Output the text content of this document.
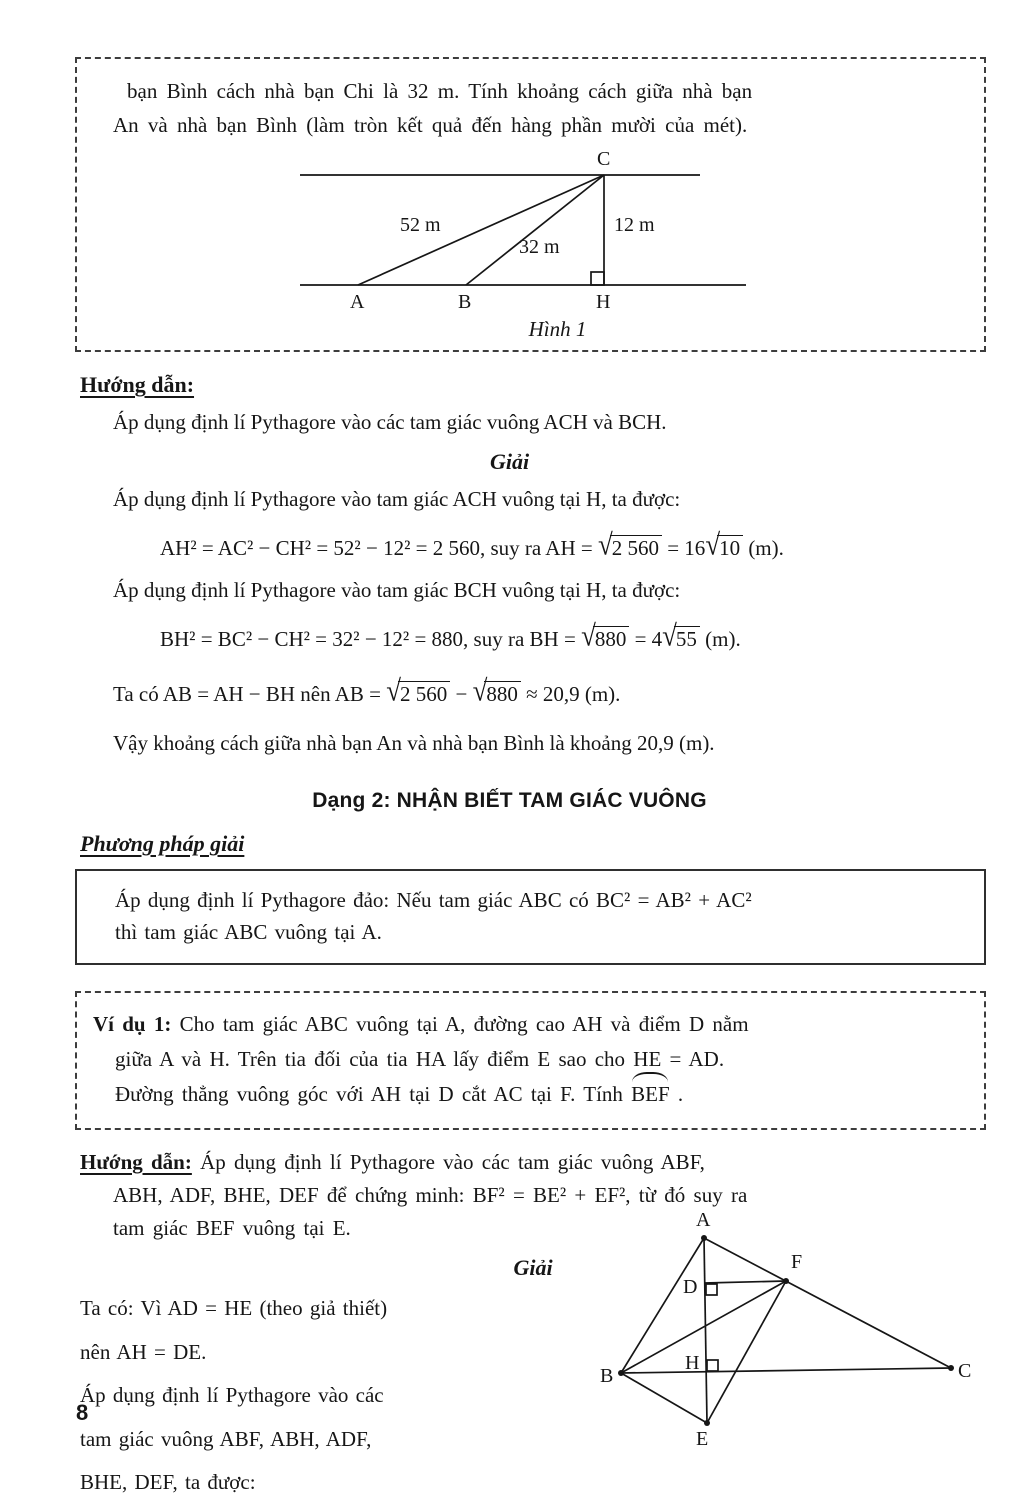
bạn Bình cách nhà bạn Chi là 32 m. Tính khoảng cách giữa nhà bạn

An và nhà bạn Bình (làm tròn kết quả đến hàng phần mười của mét).

C
52 m
32 m
12 m
A	B	H
Hình 1
Hướng dẫn:
Áp dụng định lí Pythagore vào các tam giác vuông ACH và BCH.
Giải
Áp dụng định lí Pythagore vào tam giác ACH vuông tại H, ta được:
AH² = AC² − CH² = 52² − 12² = 2 560, suy ra AH = √2 560 = 16√10 (m).
Áp dụng định lí Pythagore vào tam giác BCH vuông tại H, ta được:
BH² = BC² − CH² = 32² − 12² = 880, suy ra BH = √880 = 4√55 (m).
Ta có AB = AH − BH nên AB = √2 560 − √880 ≈ 20,9 (m).
Vậy khoảng cách giữa nhà bạn An và nhà bạn Bình là khoảng 20,9 (m).
Dạng 2: NHẬN BIẾT TAM GIÁC VUÔNG
Phương pháp giải
Áp dụng định lí Pythagore đảo: Nếu tam giác ABC có BC² = AB² + AC²
thì tam giác ABC vuông tại A.
Ví dụ 1: Cho tam giác ABC vuông tại A, đường cao AH và điểm D nằm
giữa A và H. Trên tia đối của tia HA lấy điểm E sao cho HE = AD.
Đường thẳng vuông góc với AH tại D cắt AC tại F. Tính BEF .
Hướng dẫn: Áp dụng định lí Pythagore vào các tam giác vuông ABF,
ABH, ADF, BHE, DEF để chứng minh: BF² = BE² + EF², từ đó suy ra
tam giác BEF vuông tại E.
Giải
Ta có: Vì AD = HE (theo giả thiết)
nên AH = DE.
Áp dụng định lí Pythagore vào các
tam giác vuông ABF, ABH, ADF,
BHE, DEF, ta được:
A
F
D
H
B	C
E
8
